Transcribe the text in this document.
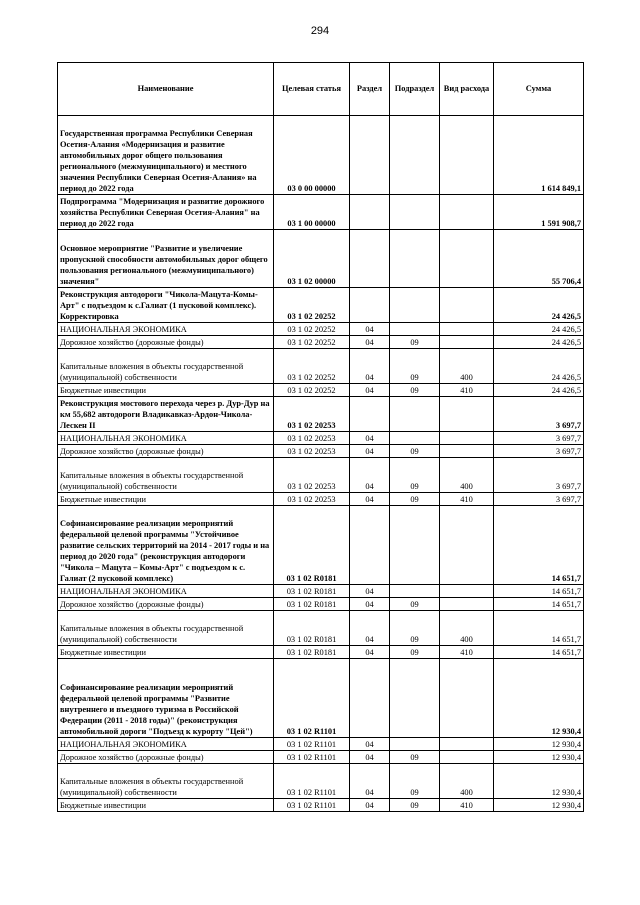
294
Наименование	Целевая статья	Раздел	Подраздел	Вид расхода	Сумма
Государственная программа Республики Северная Осетия-Алания «Модернизация и развитие автомобильных дорог общего пользования регионального (межмуниципального) и местного значения Республики Северная Осетия-Алания» на период до 2022 года	03 0 00 00000				1 614 849,1
Подпрограмма "Модернизация и развитие дорожного хозяйства Республики Северная Осетия-Алания" на период до 2022 года	03 1 00 00000				1 591 908,7
Основное мероприятие "Развитие и увеличение пропускной способности автомобильных дорог общего пользования регионального (межмуниципального) значения"	03 1 02 00000				55 706,4
Реконструкция автодороги "Чикола-Мацута-Комы-Арт" с подъездом к с.Галиат (1 пусковой комплекс). Корректировка	03 1 02 20252				24 426,5
НАЦИОНАЛЬНАЯ ЭКОНОМИКА	03 1 02 20252	04			24 426,5
Дорожное хозяйство (дорожные фонды)	03 1 02 20252	04	09		24 426,5
Капитальные вложения в объекты государственной (муниципальной) собственности	03 1 02 20252	04	09	400	24 426,5
Бюджетные инвестиции	03 1 02 20252	04	09	410	24 426,5
Реконструкция мостового перехода через р. Дур-Дур на км 55,682 автодороги Владикавказ-Ардон-Чикола-Лескен II	03 1 02 20253				3 697,7
НАЦИОНАЛЬНАЯ ЭКОНОМИКА	03 1 02 20253	04			3 697,7
Дорожное хозяйство (дорожные фонды)	03 1 02 20253	04	09		3 697,7
Капитальные вложения в объекты государственной (муниципальной) собственности	03 1 02 20253	04	09	400	3 697,7
Бюджетные инвестиции	03 1 02 20253	04	09	410	3 697,7
Софинансирование реализации мероприятий федеральной целевой программы "Устойчивое развитие сельских территорий на 2014 - 2017 годы и на период до 2020 года" (реконструкция автодороги "Чикола – Мацута – Комы-Арт" с подъездом к с. Галиат (2 пусковой комплекс)	03 1 02 R0181				14 651,7
НАЦИОНАЛЬНАЯ ЭКОНОМИКА	03 1 02 R0181	04			14 651,7
Дорожное хозяйство (дорожные фонды)	03 1 02 R0181	04	09		14 651,7
Капитальные вложения в объекты государственной (муниципальной) собственности	03 1 02 R0181	04	09	400	14 651,7
Бюджетные инвестиции	03 1 02 R0181	04	09	410	14 651,7
Софинансирование реализации мероприятий федеральной целевой программы "Развитие внутреннего и въездного туризма в Российской Федерации (2011 - 2018 годы)" (реконструкция автомобильной дороги "Подъезд к курорту "Цей")	03 1 02 R1101				12 930,4
НАЦИОНАЛЬНАЯ ЭКОНОМИКА	03 1 02 R1101	04			12 930,4
Дорожное хозяйство (дорожные фонды)	03 1 02 R1101	04	09		12 930,4
Капитальные вложения в объекты государственной (муниципальной) собственности	03 1 02 R1101	04	09	400	12 930,4
Бюджетные инвестиции	03 1 02 R1101	04	09	410	12 930,4
